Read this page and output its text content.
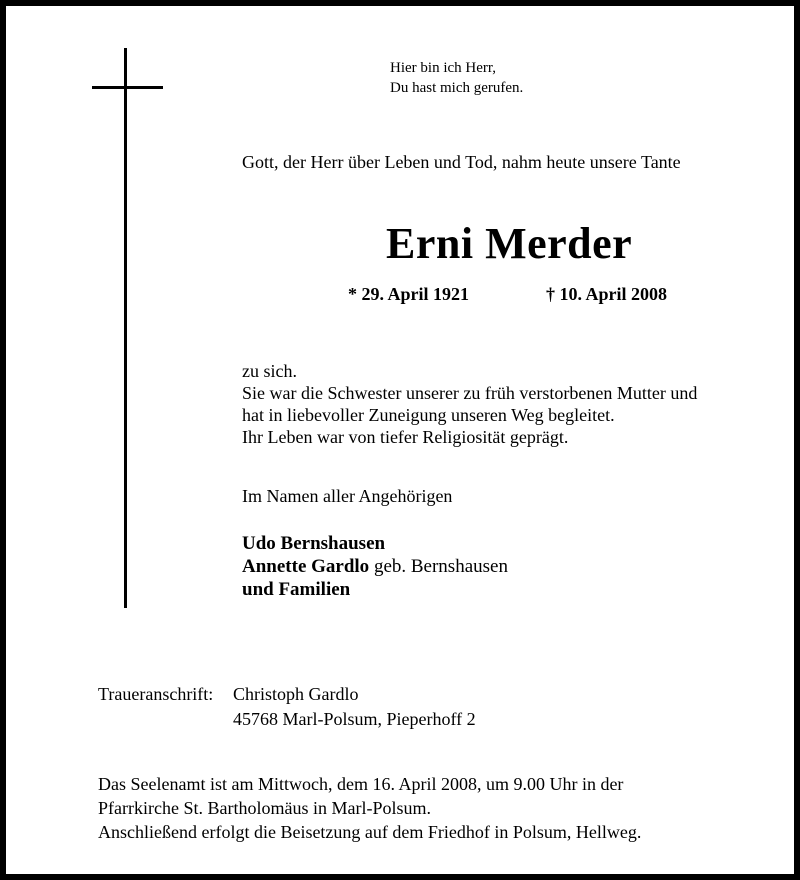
Hier bin ich Herr,
Du hast mich gerufen.
Gott, der Herr über Leben und Tod, nahm heute unsere Tante
Erni Merder
* 29. April 1921	† 10. April 2008
zu sich.
Sie war die Schwester unserer zu früh verstorbenen Mutter und
hat in liebevoller Zuneigung unseren Weg begleitet.
Ihr Leben war von tiefer Religiosität geprägt.
Im Namen aller Angehörigen
Udo Bernshausen
Annette Gardlo geb. Bernshausen
und Familien
Traueranschrift: Christoph Gardlo
45768 Marl-Polsum, Pieperhoff 2
Das Seelenamt ist am Mittwoch, dem 16. April 2008, um 9.00 Uhr in der
Pfarrkirche St. Bartholomäus in Marl-Polsum.
Anschließend erfolgt die Beisetzung auf dem Friedhof in Polsum, Hellweg.
